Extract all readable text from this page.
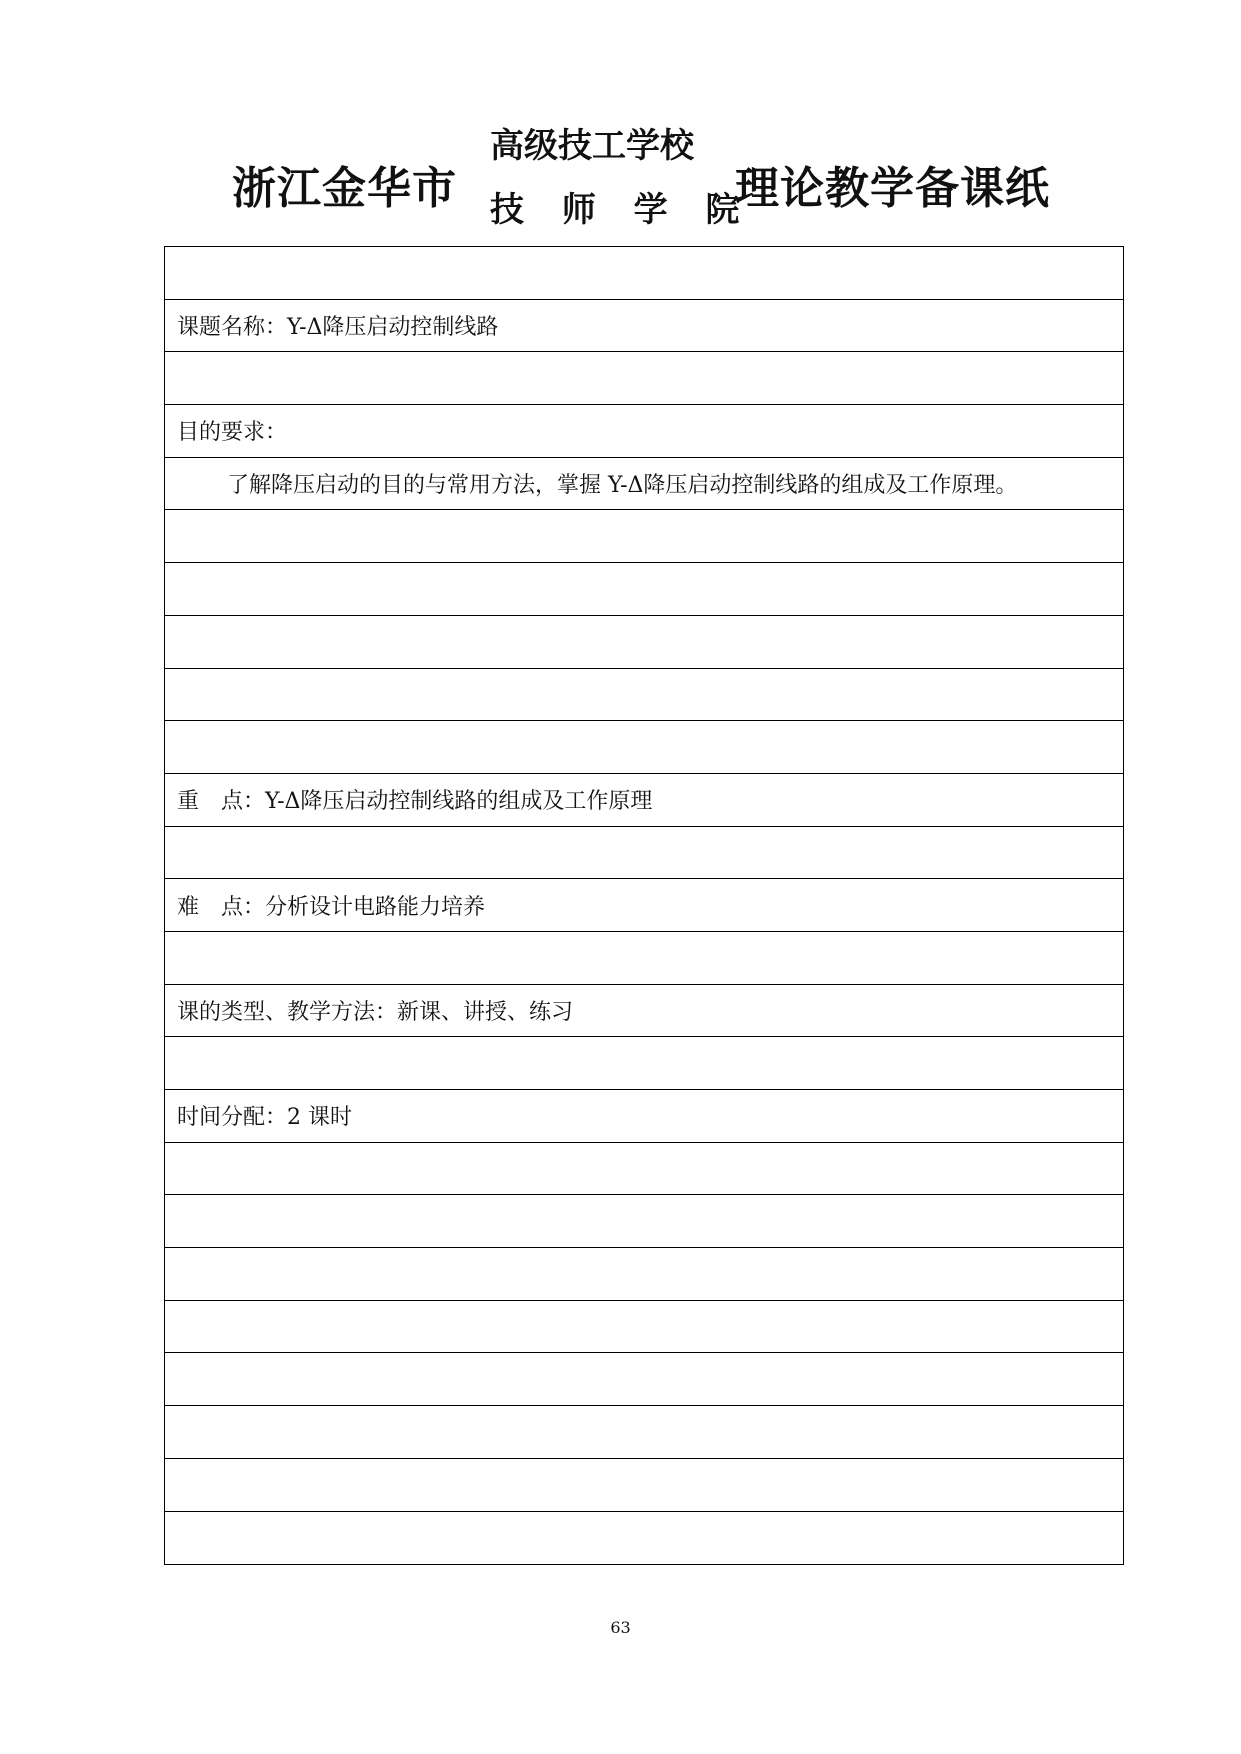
浙江金华市
高级技工学校
技 师 学 院
理论教学备课纸
课题名称：Y-Δ降压启动控制线路
目的要求：
了解降压启动的目的与常用方法，掌握 Y-Δ降压启动控制线路的组成及工作原理。
重　点：Y-Δ降压启动控制线路的组成及工作原理
难　点：分析设计电路能力培养
课的类型、教学方法：新课、讲授、练习
时间分配：2 课时
63
